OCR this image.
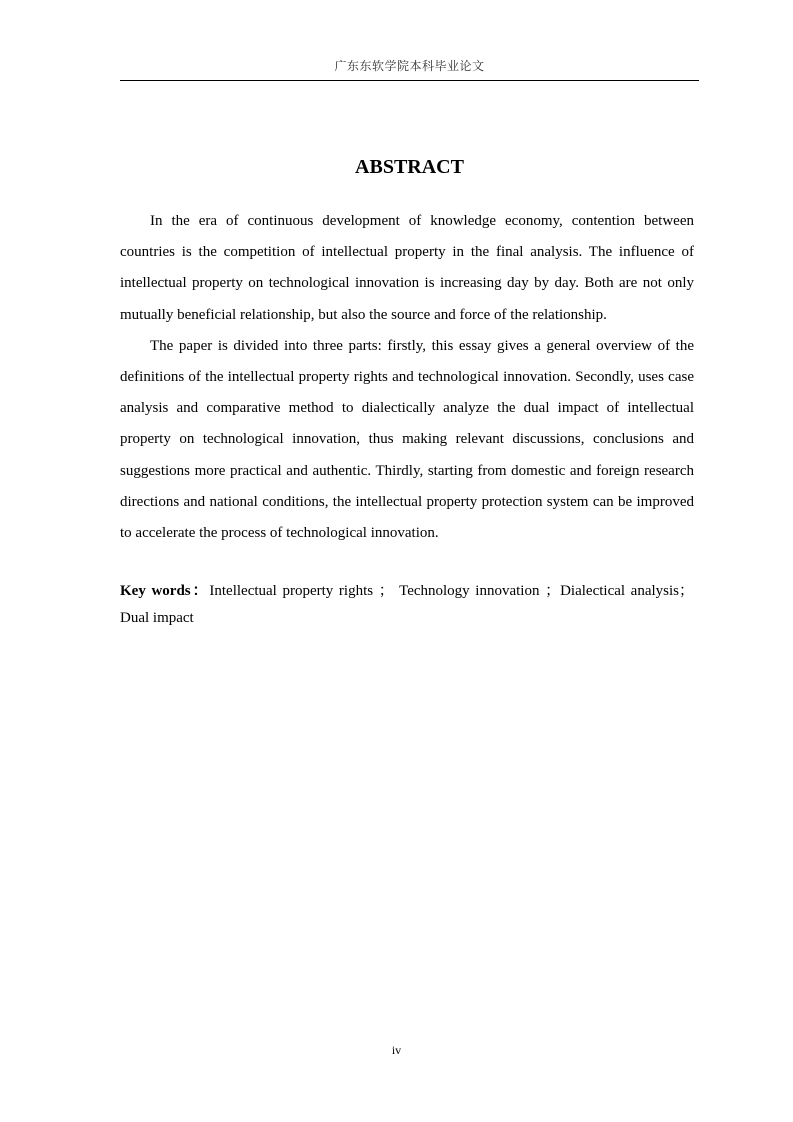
广东东软学院本科毕业论文
ABSTRACT

In the era of continuous development of knowledge economy, contention between countries is the competition of intellectual property in the final analysis. The influence of intellectual property on technological innovation is increasing day by day. Both are not only mutually beneficial relationship, but also the source and force of the relationship.

The paper is divided into three parts: firstly, this essay gives a general overview of the definitions of the intellectual property rights and technological innovation. Secondly, uses case analysis and comparative method to dialectically analyze the dual impact of intellectual property on technological innovation, thus making relevant discussions, conclusions and suggestions more practical and authentic. Thirdly, starting from domestic and foreign research directions and national conditions, the intellectual property protection system can be improved to accelerate the process of technological innovation.

Key words：Intellectual property rights ； Technology innovation ；Dialectical analysis；Dual impact
iv
